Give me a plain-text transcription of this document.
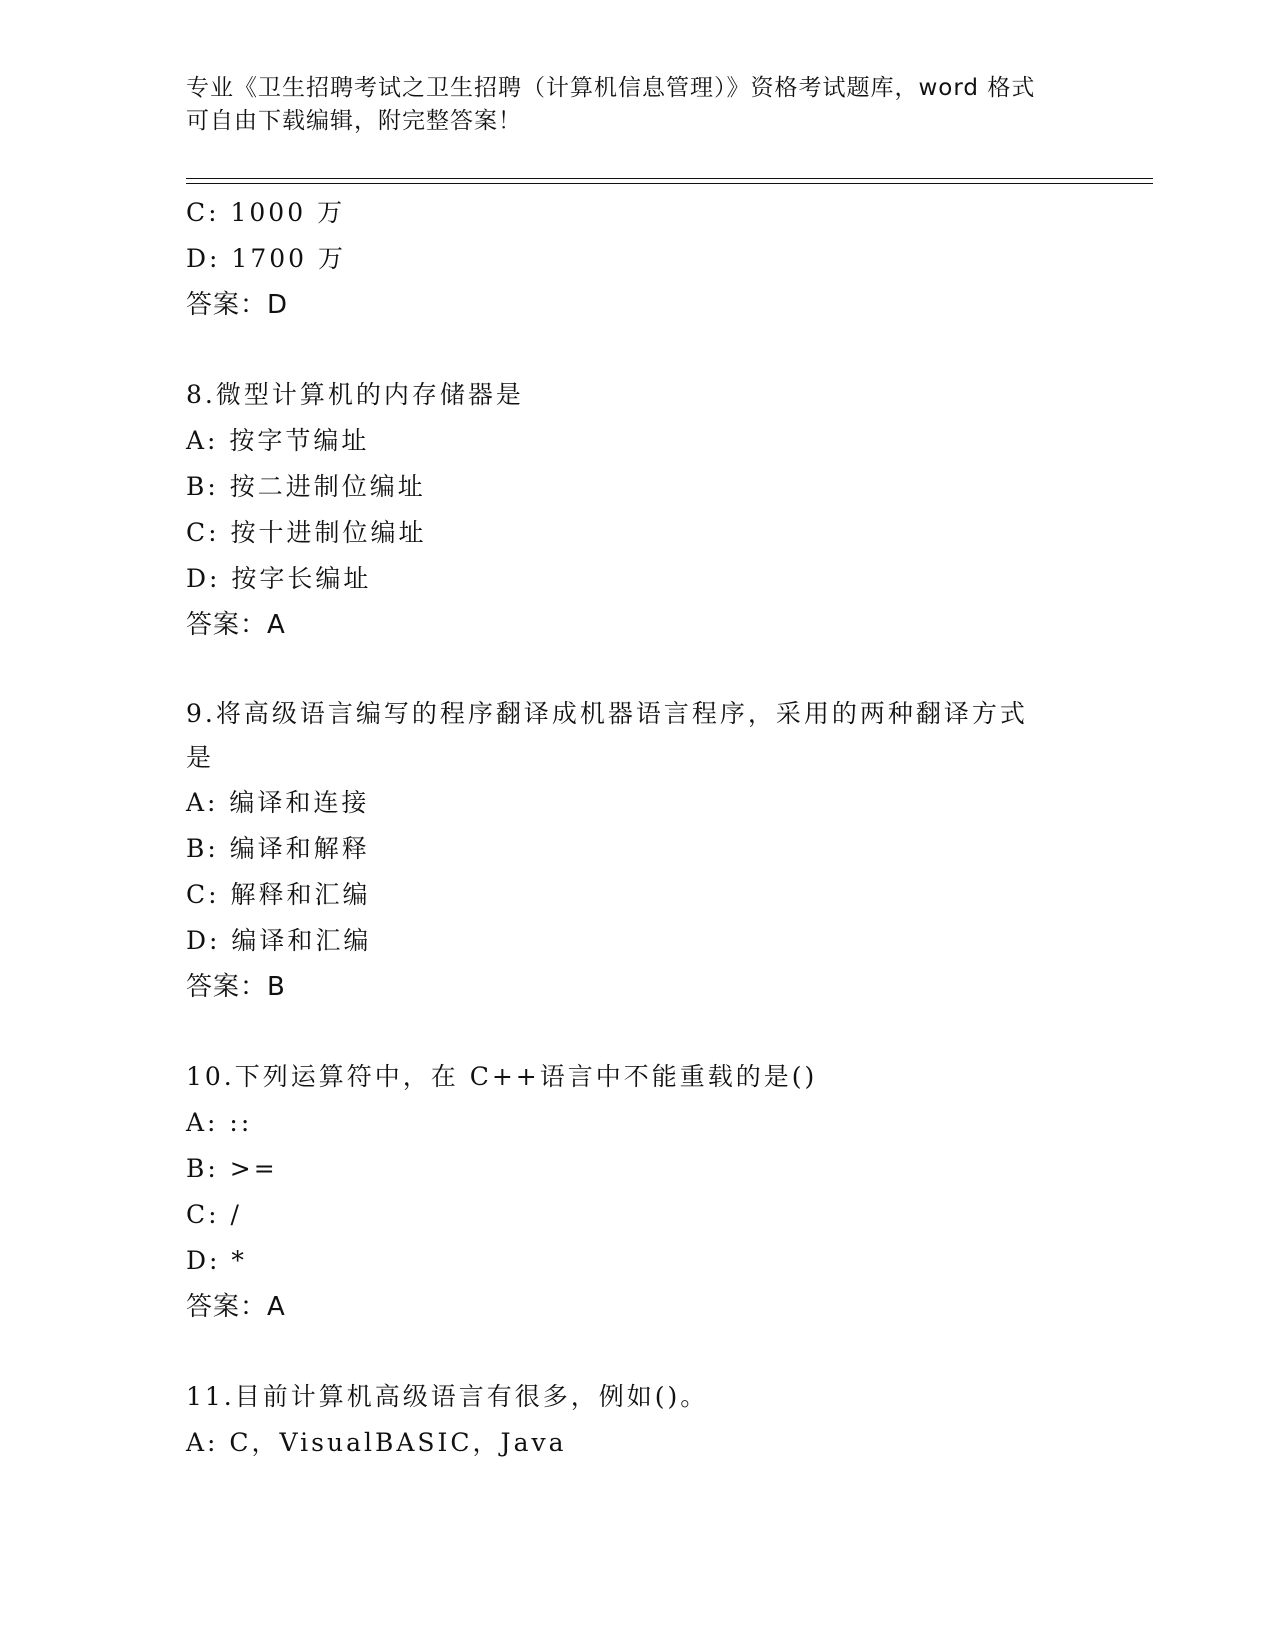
专业《卫生招聘考试之卫生招聘（计算机信息管理）》资格考试题库，word 格式
可自由下载编辑，附完整答案！
C: 1000 万
D: 1700 万
答案：D
8.微型计算机的内存储器是
A: 按字节编址
B: 按二进制位编址
C: 按十进制位编址
D: 按字长编址
答案：A
9.将高级语言编写的程序翻译成机器语言程序，采用的两种翻译方式
是
A: 编译和连接
B: 编译和解释
C: 解释和汇编
D: 编译和汇编
答案：B
10.下列运算符中，在 C++语言中不能重载的是()
A: ::
B: >=
C: /
D: *
答案：A
11.目前计算机高级语言有很多，例如()。
A: C，VisualBASIC，Java
